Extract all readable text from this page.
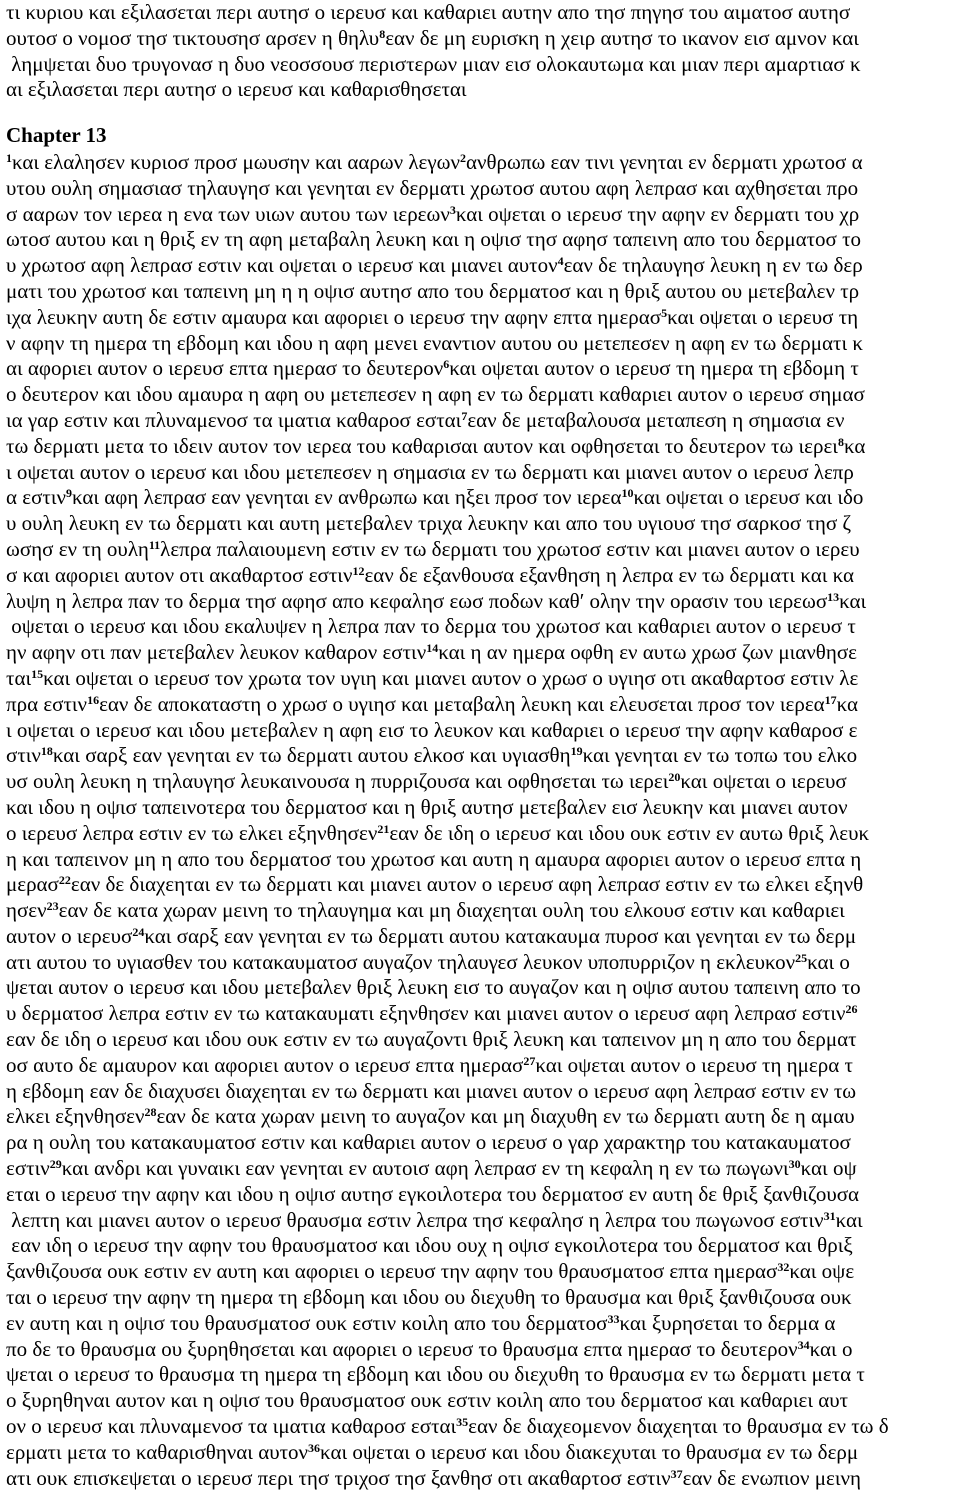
τι κυριου και εξιλασεται περι αυτησ ο ιερευσ και καθαριει αυτην απο τησ πηγησ του αιματοσ αυτησ
ουτοσ ο νομοσ τησ τικτουσησ αρσεν η θηλυ$^8$εαν δε μη ευρισκη η χειρ αυτησ το ικανον εισ αμνον και
λημψεται δυο τρυγονασ η δυο νεοσσουσ περιστερων μιαν εισ ολοκαυτωμα και μιαν περι αμαρτιασ κ
αι εξιλασεται περι αυτησ ο ιερευσ και καθαρισθησεται
Chapter 13
$^1$και ελαλησεν κυριοσ προσ μωυσην και ααρων λεγων$^2$ανθρωπω εαν τινι γενηται εν δερματι χρωτοσ α
υτου ουλη σημασιασ τηλαυγησ και γενηται εν δερματι χρωτοσ αυτου αφη λεπρασ και αχθησεται προ
σ ααρων τον ιερεα η ενα των υιων αυτου των ιερεων$^3$και οψεται ο ιερευσ την αφην εν δερματι του χρ
ωτοσ αυτου και η θριξ εν τη αφη μεταβαλη λευκη και η οψισ τησ αφησ ταπεινη απο του δερματοσ το
υ χρωτοσ αφη λεπρασ εστιν και οψεται ο ιερευσ και μιανει αυτον$^4$εαν δε τηλαυγησ λευκη η εν τω δερ
ματι του χρωτοσ και ταπεινη μη η η οψισ αυτησ απο του δερματοσ και η θριξ αυτου ου μετεβαλεν τρ
ιχα λευκην αυτη δε εστιν αμαυρα και αφοριει ο ιερευσ την αφην επτα ημερασ$^5$και οψεται ο ιερευσ τη
ν αφην τη ημερα τη εβδομη και ιδου η αφη μενει εναντιον αυτου ου μετεπεσεν η αφη εν τω δερματι κ
αι αφοριει αυτον ο ιερευσ επτα ημερασ το δευτερον$^6$και οψεται αυτον ο ιερευσ τη ημερα τη εβδομη τ
ο δευτερον και ιδου αμαυρα η αφη ου μετεπεσεν η αφη εν τω δερματι καθαριει αυτον ο ιερευσ σημασ
ια γαρ εστιν και πλυναμενοσ τα ιματια καθαροσ εσται$^7$εαν δε μεταβαλουσα μεταπεση η σημασια εν
τω δερματι μετα το ιδειν αυτον τον ιερεα του καθαρισαι αυτον και οφθησεται το δευτερον τω ιερει$^8$κα
ι οψεται αυτον ο ιερευσ και ιδου μετεπεσεν η σημασια εν τω δερματι και μιανει αυτον ο ιερευσ λεπρ
α εστιν$^9$και αφη λεπρασ εαν γενηται εν ανθρωπω και ηξει προσ τον ιερεα$^{10}$και οψεται ο ιερευσ και ιδο
υ ουλη λευκη εν τω δερματι και αυτη μετεβαλεν τριχα λευκην και απο του υγιουσ τησ σαρκοσ τησ ζ
ωσησ εν τη ουλη$^{11}$λεπρα παλαιουμενη εστιν εν τω δερματι του χρωτοσ εστιν και μιανει αυτον ο ιερευ
σ και αφοριει αυτον οτι ακαθαρτοσ εστιν$^{12}$εαν δε εξανθουσα εξανθηση η λεπρα εν τω δερματι και κα
λυψη η λεπρα παν το δερμα τησ αφησ απο κεφαλησ εωσ ποδων καθʹ ολην την ορασιν του ιερεωσ$^{13}$και
οψεται ο ιερευσ και ιδου εκαλυψεν η λεπρα παν το δερμα του χρωτοσ και καθαριει αυτον ο ιερευσ τ
ην αφην οτι παν μετεβαλεν λευκον καθαρον εστιν$^{14}$και η αν ημερα οφθη εν αυτω χρωσ ζων μιανθησε
ται$^{15}$και οψεται ο ιερευσ τον χρωτα τον υγιη και μιανει αυτον ο χρωσ ο υγιησ οτι ακαθαρτοσ εστιν λε
πρα εστιν$^{16}$εαν δε αποκαταστη ο χρωσ ο υγιησ και μεταβαλη λευκη και ελευσεται προσ τον ιερεα$^{17}$κα
ι οψεται ο ιερευσ και ιδου μετεβαλεν η αφη εισ το λευκον και καθαριει ο ιερευσ την αφην καθαροσ ε
στιν$^{18}$και σαρξ εαν γενηται εν τω δερματι αυτου ελκοσ και υγιασθη$^{19}$και γενηται εν τω τοπω του ελκο
υσ ουλη λευκη η τηλαυγησ λευκαινουσα η πυρριζουσα και οφθησεται τω ιερει$^{20}$και οψεται ο ιερευσ
και ιδου η οψισ ταπεινοτερα του δερματοσ και η θριξ αυτησ μετεβαλεν εισ λευκην και μιανει αυτον
ο ιερευσ λεπρα εστιν εν τω ελκει εξηνθησεν$^{21}$εαν δε ιδη ο ιερευσ και ιδου ουκ εστιν εν αυτω θριξ λευκ
η και ταπεινον μη η απο του δερματοσ του χρωτοσ και αυτη η αμαυρα αφοριει αυτον ο ιερευσ επτα η
μερασ$^{22}$εαν δε διαχεηται εν τω δερματι και μιανει αυτον ο ιερευσ αφη λεπρασ εστιν εν τω ελκει εξηνθ
ησεν$^{23}$εαν δε κατα χωραν μεινη το τηλαυγημα και μη διαχεηται ουλη του ελκουσ εστιν και καθαριει
αυτον ο ιερευσ$^{24}$και σαρξ εαν γενηται εν τω δερματι αυτου κατακαυμα πυροσ και γενηται εν τω δερμ
ατι αυτου το υγιασθεν του κατακαυματοσ αυγαζον τηλαυγεσ λευκον υποπυρριζον η εκλευκον$^{25}$και ο
ψεται αυτον ο ιερευσ και ιδου μετεβαλεν θριξ λευκη εισ το αυγαζον και η οψισ αυτου ταπεινη απο το
υ δερματοσ λεπρα εστιν εν τω κατακαυματι εξηνθησεν και μιανει αυτον ο ιερευσ αφη λεπρασ εστιν$^{26}$
εαν δε ιδη ο ιερευσ και ιδου ουκ εστιν εν τω αυγαζοντι θριξ λευκη και ταπεινον μη η απο του δερματ
οσ αυτο δε αμαυρον και αφοριει αυτον ο ιερευσ επτα ημερασ$^{27}$και οψεται αυτον ο ιερευσ τη ημερα τ
η εβδομη εαν δε διαχυσει διαχεηται εν τω δερματι και μιανει αυτον ο ιερευσ αφη λεπρασ εστιν εν τω
ελκει εξηνθησεν$^{28}$εαν δε κατα χωραν μεινη το αυγαζον και μη διαχυθη εν τω δερματι αυτη δε η αμαυ
ρα η ουλη του κατακαυματοσ εστιν και καθαριει αυτον ο ιερευσ ο γαρ χαρακτηρ του κατακαυματοσ
εστιν$^{29}$και ανδρι και γυναικι εαν γενηται εν αυτοισ αφη λεπρασ εν τη κεφαλη η εν τω πωγωνι$^{30}$και οψ
εται ο ιερευσ την αφην και ιδου η οψισ αυτησ εγκοιλοτερα του δερματοσ εν αυτη δε θριξ ξανθιζουσα
λεπτη και μιανει αυτον ο ιερευσ θραυσμα εστιν λεπρα τησ κεφαλησ η λεπρα του πωγωνοσ εστιν$^{31}$και
εαν ιδη ο ιερευσ την αφην του θραυσματοσ και ιδου ουχ η οψισ εγκοιλοτερα του δερματοσ και θριξ
ξανθιζουσα ουκ εστιν εν αυτη και αφοριει ο ιερευσ την αφην του θραυσματοσ επτα ημερασ$^{32}$και οψε
ται ο ιερευσ την αφην τη ημερα τη εβδομη και ιδου ου διεχυθη το θραυσμα και θριξ ξανθιζουσα ουκ
εν αυτη και η οψισ του θραυσματοσ ουκ εστιν κοιλη απο του δερματοσ$^{33}$και ξυρησεται το δερμα α
πο δε το θραυσμα ου ξυρηθησεται και αφοριει ο ιερευσ το θραυσμα επτα ημερασ το δευτερον$^{34}$και ο
ψεται ο ιερευσ το θραυσμα τη ημερα τη εβδομη και ιδου ου διεχυθη το θραυσμα εν τω δερματι μετα τ
ο ξυρηθηναι αυτον και η οψισ του θραυσματοσ ουκ εστιν κοιλη απο του δερματοσ και καθαριει αυτ
ον ο ιερευσ και πλυναμενοσ τα ιματια καθαροσ εσται$^{35}$εαν δε διαχεομενον διαχεηται το θραυσμα εν τω δ
ερματι μετα το καθαρισθηναι αυτον$^{36}$και οψεται ο ιερευσ και ιδου διακεχυται το θραυσμα εν τω δερμ
ατι ουκ επισκεψεται ο ιερευσ περι τησ τριχοσ τησ ξανθησ οτι ακαθαρτοσ εστιν$^{37}$εαν δε ενωπιον μεινη
